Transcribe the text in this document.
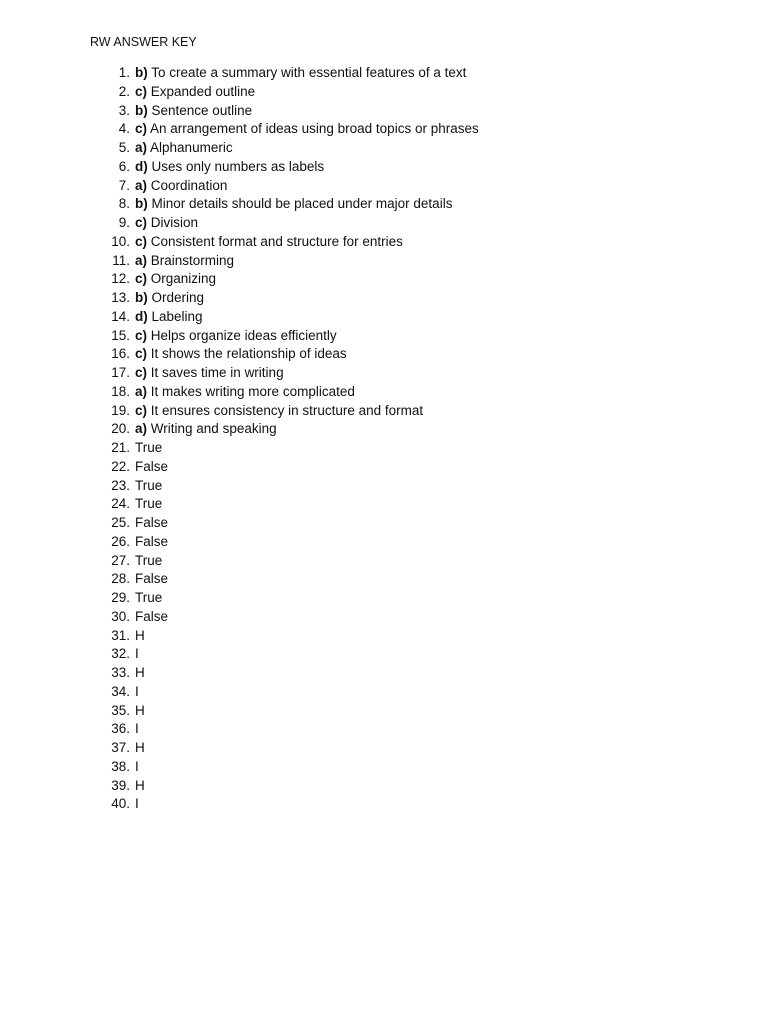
RW ANSWER KEY
1. b) To create a summary with essential features of a text
2. c) Expanded outline
3. b) Sentence outline
4. c) An arrangement of ideas using broad topics or phrases
5. a) Alphanumeric
6. d) Uses only numbers as labels
7. a) Coordination
8. b) Minor details should be placed under major details
9. c) Division
10. c) Consistent format and structure for entries
11. a) Brainstorming
12. c) Organizing
13. b) Ordering
14. d) Labeling
15. c) Helps organize ideas efficiently
16. c) It shows the relationship of ideas
17. c) It saves time in writing
18. a) It makes writing more complicated
19. c) It ensures consistency in structure and format
20. a) Writing and speaking
21. True
22. False
23. True
24. True
25. False
26. False
27. True
28. False
29. True
30. False
31. H
32. I
33. H
34. I
35. H
36. I
37. H
38. I
39. H
40. I
